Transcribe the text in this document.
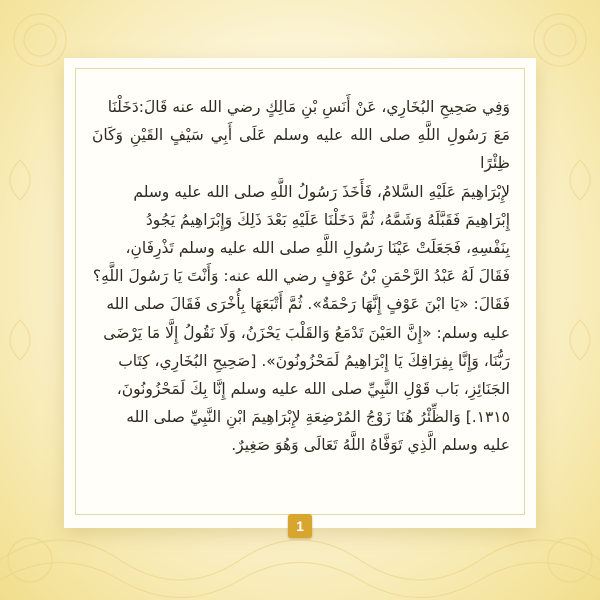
وَفِي صَحِيحِ البُخَارِي، عَنْ أَنَسِ بْنِ مَالِكٍ رضي الله عنه قَالَ:دَخَلْنَا
مَعَ رَسُولِ اللَّهِ صلى الله عليه وسلم عَلَى أَبِي سَيْفٍ القَيْنِ وَكَانَ ظِئْرًا
لإِبْرَاهِيمَ عَلَيْهِ السَّلامُ، فَأَخَذَ رَسُولُ اللَّهِ صلى الله عليه وسلم
إِبْرَاهِيمَ فَقَبَّلَهُ وَشَمَّهُ، ثُمَّ دَخَلْنَا عَلَيْهِ بَعْدَ ذَلِكَ وَإِبْرَاهِيمُ يَجُودُ
بِنَفْسِهِ، فَجَعَلَتْ عَيْنَا رَسُولِ اللَّهِ صلى الله عليه وسلم تَذْرِفَانِ،
فَقَالَ لَهُ عَبْدُ الرَّحْمَنِ بْنُ عَوْفٍ رضي الله عنه: وَأَنْتَ يَا رَسُولَ اللَّهِ؟
فَقَالَ: «يَا ابْنَ عَوْفٍ إِنَّهَا رَحْمَةٌ». ثُمَّ أَتْبَعَهَا بِأُخْرَى فَقَالَ صلى الله
عليه وسلم: «إِنَّ العَيْنَ تَدْمَعُ وَالقَلْبَ يَحْزَنُ، وَلَا نَقُولُ إِلَّا مَا يَرْضَى
رَبُّنَا، وَإِنَّا بِفِرَاقِكَ يَا إِبْرَاهِيمُ لَمَحْزُونُونَ». [صَحِيحِ البُخَارِي، كِتَاب
الجَنَائِزِ، بَاب قَوْلِ النَّبِيِّ صلى الله عليه وسلم إِنَّا بِكَ لَمَحْزُونُونَ،
١٣١٥.] وَالظِّئْرُ هُنَا زَوْجُ المُرْضِعَةِ لإِبْرَاهِيمَ ابْنِ النَّبِيِّ صلى الله
عليه وسلم الَّذِي تَوَفَّاهُ اللَّهُ تَعَالَى وَهُوَ صَغِيرٌ.
1
